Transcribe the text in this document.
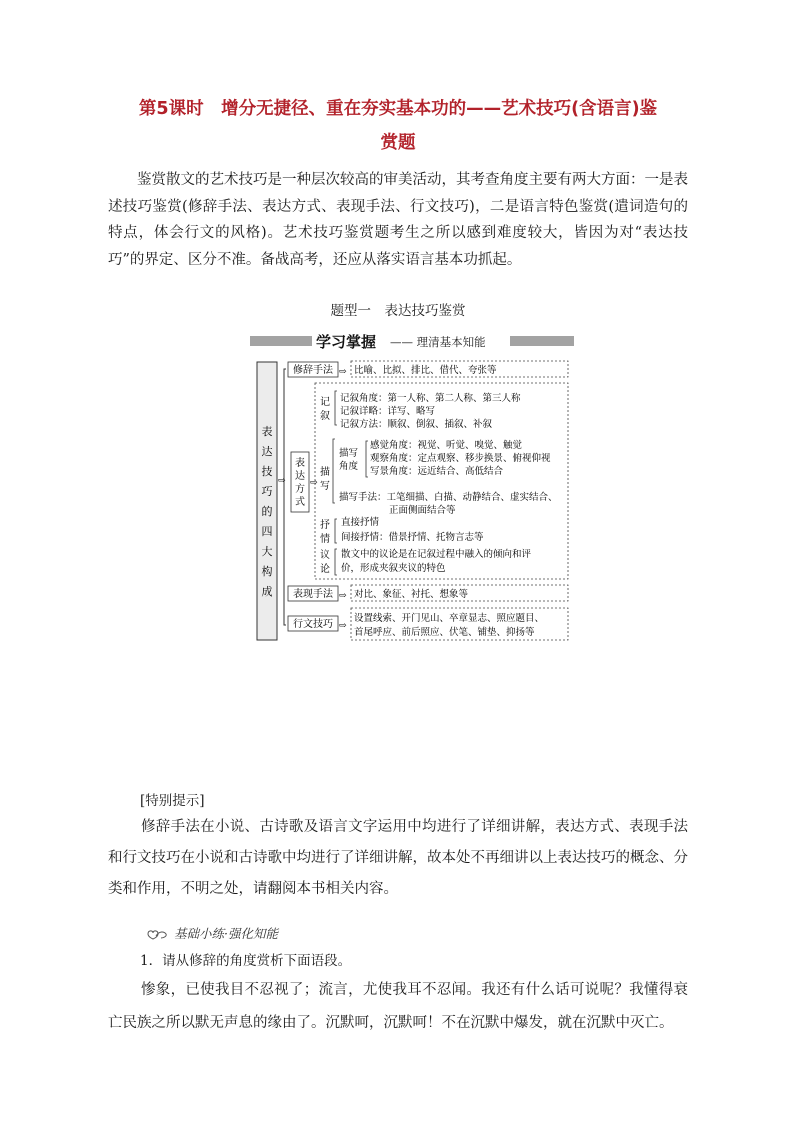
第5课时　增分无捷径、重在夯实基本功的——艺术技巧(含语言)鉴
赏题
鉴赏散文的艺术技巧是一种层次较高的审美活动，其考查角度主要有两大方面：一是表述技巧鉴赏(修辞手法、表达方式、表现手法、行文技巧)，二是语言特色鉴赏(遣词造句的特点，体会行文的风格)。艺术技巧鉴赏题考生之所以感到难度较大，皆因为对“表达技巧”的界定、区分不准。备战高考，还应从落实语言基本功抓起。
题型一　表达技巧鉴赏
学习掌握 —— 理清基本知能
表
达
技
巧
的
四
大
构
成
⇨
修辞手法 ⇨ 比喻、比拟、排比、借代、夸张等
表
达
方
式
⇨
记
叙
记叙角度：第一人称、第二人称、第三人称
记叙详略：详写、略写
记叙方法：顺叙、倒叙、插叙、补叙
描
写
描写
角度
感觉角度：视觉、听觉、嗅觉、触觉
观察角度：定点观察、移步换景、俯视仰视
写景角度：远近结合、高低结合
描写手法：工笔细描、白描、动静结合、虚实结合、
正面侧面结合等
抒
情
直接抒情
间接抒情：借景抒情、托物言志等
议
论
散文中的议论是在记叙过程中融入的倾向和评
价，形成夹叙夹议的特色
表现手法 ⇨ 对比、象征、衬托、想象等
行文技巧 ⇨
设置线索、开门见山、卒章显志、照应题目、
首尾呼应、前后照应、伏笔、铺垫、抑扬等
[特别提示]
修辞手法在小说、古诗歌及语言文字运用中均进行了详细讲解，表达方式、表现手法和行文技巧在小说和古诗歌中均进行了详细讲解，故本处不再细讲以上表达技巧的概念、分类和作用，不明之处，请翻阅本书相关内容。
基础小练·强化知能
1．请从修辞的角度赏析下面语段。
惨象，已使我目不忍视了；流言，尤使我耳不忍闻。我还有什么话可说呢？我懂得衰亡民族之所以默无声息的缘由了。沉默呵，沉默呵！不在沉默中爆发，就在沉默中灭亡。
